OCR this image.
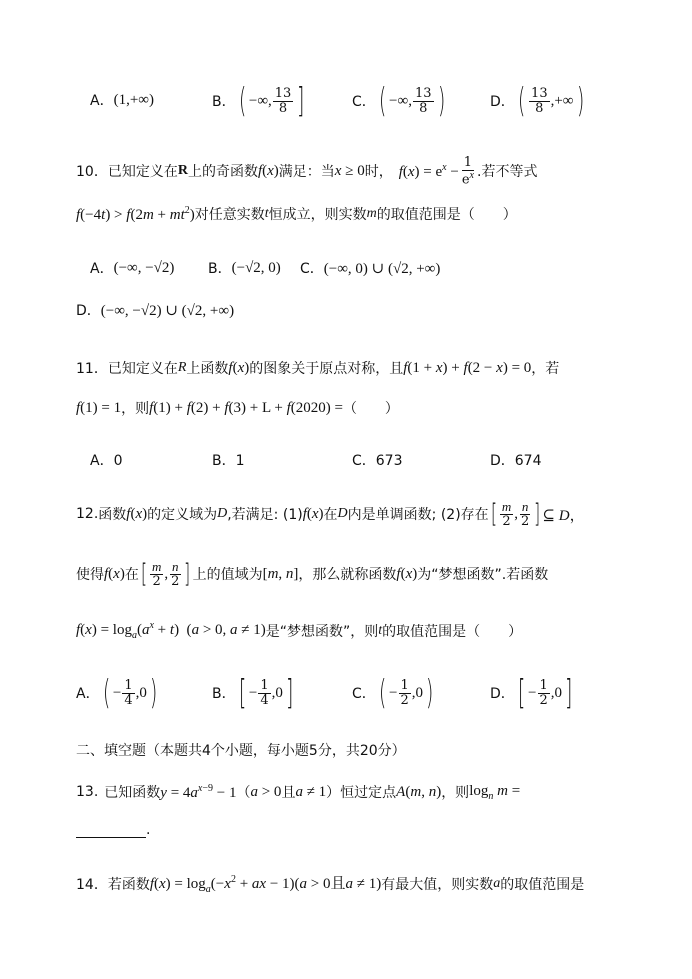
A． (1,+∞)	B． ( −∞, $\frac{13}{8}$ ]	C． ( −∞, $\frac{13}{8}$ )	D． ( $\frac{13}{8}$ ,+∞ )
10． 已知定义在 R 上的奇函数 f(x) 满足：当 x ≥ 0 时， $f(x) = e^x - \frac{1}{e^x}$ .若不等式
$f(-4t) > f(2m + mt^2)$ 对任意实数 t 恒成立，则实数 m 的取值范围是（　　）
A． (−∞, −√2) B． (−√2, 0) C． (−∞, 0) ∪ (√2, +∞)
D． (−∞, −√2) ∪ (√2, +∞)
11． 已知定义在 R 上函数 f(x) 的图象关于原点对称，且 f(1 + x) + f(2 − x) = 0 ，若
f(1) = 1 ，则 f(1) + f(2) + f(3) + L + f(2020) = （　　）
A．0	B．1	C．673	D．674
12. 函数 f(x) 的定义域为 D ,若满足: (1) f(x) 在 D 内是单调函数; (2)存在 [ $\frac{m}{2}$ , $\frac{n}{2}$ ] ⊆ D，
使得 f(x) 在 [ $\frac{m}{2}$ , $\frac{n}{2}$ ] 上的值域为 [m, n] ，那么就称函数 f(x) 为“梦想函数”.若函数
$f(x) = \log_a(a^x + t) (a > 0$, a ≠ 1) 是“梦想函数”，则 t 的取值范围是（　　）
A． ( − $\frac{1}{4} ,0$ )	B． [ − $\frac{1}{4} ,0$ ]	C． ( − $\frac{1}{2} ,0$ )	D． [ − $\frac{1}{2} ,0$ ]
二、填空题（本题共4个小题，每小题5分，共20分）
13. 已知函数 $y = 4a^{x-9} - 1$ （ a > 0 且 a ≠ 1 ）恒过定点 A(m, n) ，则 $\log_n m$ =
.
14． 若函数 $f(x) = \log_a(-x^2$ + ax − 1)(a > 0且a ≠ 1) 有最大值，则实数 a 的取值范围是
